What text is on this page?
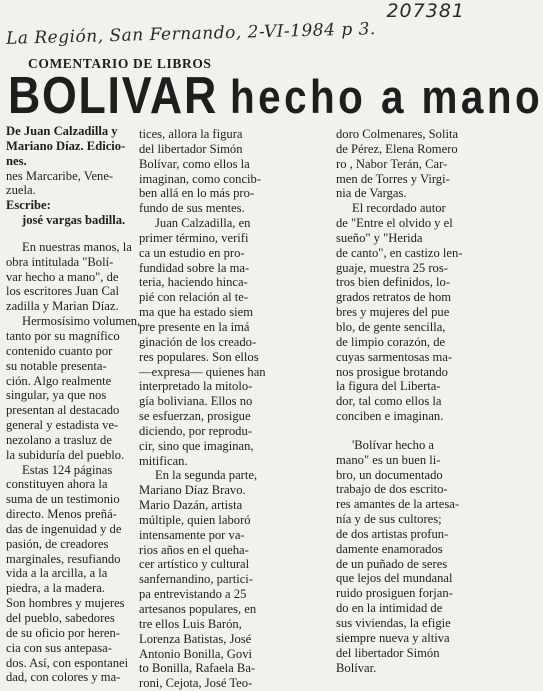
207381
La Región, San Fernando, 2-VI-1984 p 3.
COMENTARIO DE LIBROS
BOLIVAR hecho a mano
De Juan Calzadilla y
Mariano Díaz. Edicio-
nes.
nes Marcaribe, Vene-
zuela.
Escribe:
josé vargas badilla.
En nuestras manos, la
obra intitulada "Bolí-
var hecho a mano", de
los escritores Juan Cal
zadilla y Marian Díaz.
Hermosísimo volumen,
tanto por su magnífico
contenido cuanto por
su notable presenta-
ción. Algo realmente
singular, ya que nos
presentan al destacado
general y estadista ve-
nezolano a trasluz de
la subiduría del pueblo.
Estas 124 páginas
constituyen ahora la
suma de un testimonio
directo. Menos preñá-
das de ingenuidad y de
pasión, de creadores
marginales, resufiando
vida a la arcilla, a la
piedra, a la madera.
Son hombres y mujeres
del pueblo, sabedores
de su oficio por heren-
cia con sus antepasa-
dos. Así, con espontanei
dad, con colores y ma-
tices, allora la figura
del libertador Simón
Bolívar, como ellos la
imaginan, como concib-
ben allá en lo más pro-
fundo de sus mentes.
Juan Calzadilla, en
primer término, verifi
ca un estudio en pro-
fundidad sobre la ma-
teria, haciendo hinca-
pié con relación al te-
ma que ha estado siem
pre presente en la imá
ginación de los creado-
res populares. Son ellos
—expresa— quienes han
interpretado la mitolo-
gía boliviana. Ellos no
se esfuerzan, prosigue
diciendo, por reprodu-
cir, sino que imaginan,
mitifican.
En la segunda parte,
Mariano Díaz Bravo.
Mario Dazán, artista
múltiple, quien laboró
intensamente por va-
rios años en el queha-
cer artístico y cultural
sanfernandino, partici-
pa entrevistando a 25
artesanos populares, en
tre ellos Luis Barón,
Lorenza Batistas, José
Antonio Bonilla, Govi
to Bonilla, Rafaela Ba-
roni, Cejota, José Teo-
doro Colmenares, Solita
de Pérez, Elena Romero
ro , Nabor Terán, Car-
men de Torres y Virgi-
nia de Vargas.
El recordado autor
de "Entre el olvido y el
sueño" y "Herida
de canto", en castizo len-
guaje, muestra 25 ros-
tros bien definidos, lo-
grados retratos de hom
bres y mujeres del pue
blo, de gente sencilla,
de limpio corazón, de
cuyas sarmentosas ma-
nos prosigue brotando
la figura del Liberta-
dor, tal como ellos la
conciben e imaginan.
'Bolívar hecho a
mano" es un buen li-
bro, un documentado
trabajo de dos escrito-
res amantes de la artesa-
nía y de sus cultores;
de dos artistas profun-
damente enamorados
de un puñado de seres
que lejos del mundanal
ruido prosiguen forjan-
do en la intimidad de
sus viviendas, la efigie
siempre nueva y altiva
del libertador Simón
Bolívar.
